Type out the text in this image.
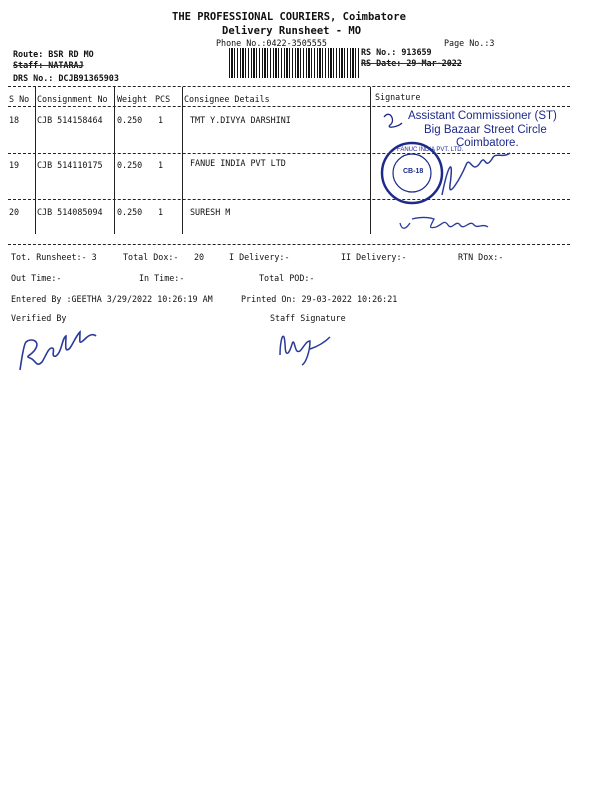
THE PROFESSIONAL COURIERS, Coimbatore
Delivery Runsheet - MO
Phone No.:0422-3505555	Page No.:3
Route: BSR RD MO
Staff: NATARAJ
DRS No.: DCJB91365903
RS No.: 913659
RS Date: 29-Mar-2022
S No Consignment No Weight PCS Consignee Details	Signature
18 CJB 514158464 0.250 1	TMT Y.DIVYA DARSHINI
19 CJB 514110175 0.250 1	FANUE INDIA PVT LTD
20 CJB 514085094 0.250 1	SURESH M
Assistant Commissioner (ST)
Big Bazaar Street Circle
Coimbatore.
FANUC INDIA PVT. LTD.
CB-18
Tot. Runsheet:- 3	Total Dox:- 20	I Delivery:-	II Delivery:-	RTN Dox:-
Out Time:-	In Time:-	Total POD:-
Entered By :GEETHA 3/29/2022 10:26:19 AM	Printed On: 29-03-2022 10:26:21
Verified By	Staff Signature
